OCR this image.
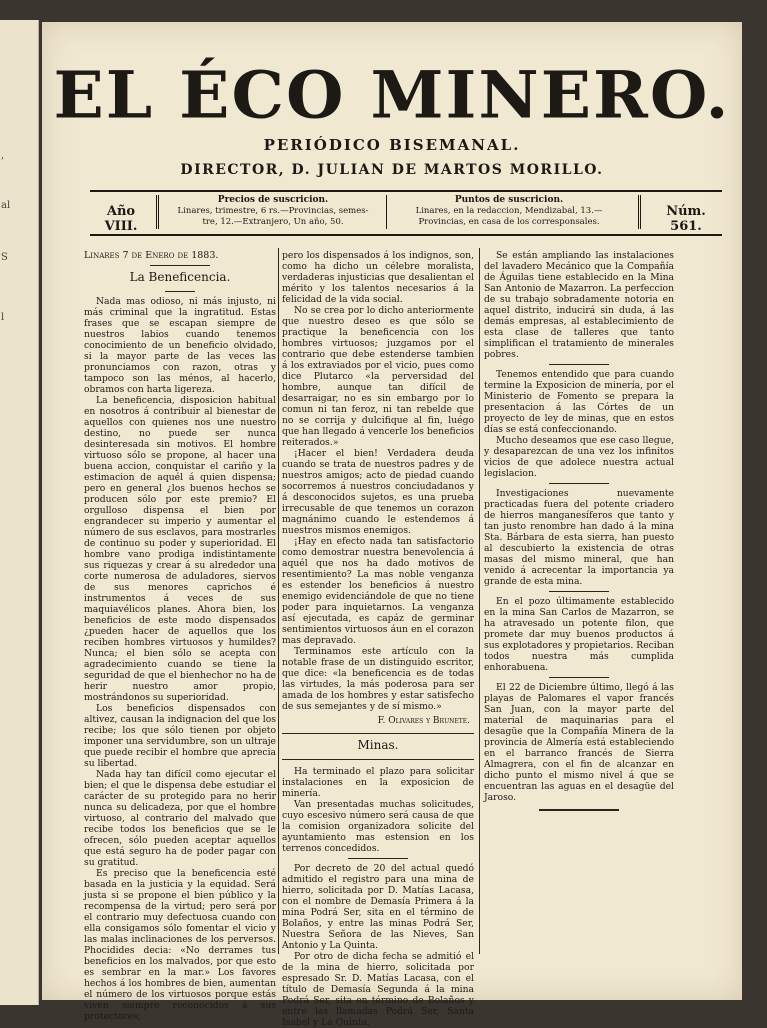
,
al
S
l
EL ÉCO MINERO.
PERIÓDICO BISEMANAL.
DIRECTOR, D. JULIAN DE MARTOS MORILLO.
Año VIII.
Precios de suscricion.
Linares, trimestre, 6 rs.—Provincias, semes-
tre, 12.—Extranjero, Un año, 50.
Puntos de suscricion.
Linares, en la redaccion, Mendizabal, 13.—
Provincias, en casa de los corresponsales.
Núm. 561.
Linares 7 de Enero de 1883.
La Beneficencia.

Nada mas odioso, ni más injusto, ni más criminal que la ingratitud. Estas frases que se escapan siempre de nuestros labios cuando tenemos conocimiento de un beneficio olvidado, si la mayor parte de las veces las pronunciamos con razon, otras y tampoco son las ménos, al hacerlo, obramos con harta ligereza.

La beneficencia, disposicion habitual en nosotros á contribuir al bienestar de aquellos con quienes nos une nuestro destino, no puede ser nunca desinteresada sin motivos. El hombre virtuoso sólo se propone, al hacer una buena accion, conquistar el cariño y la estimacion de aquél á quien dispensa; pero en general ¿los buenos hechos se producen sólo por este premio? El orgulloso dispensa el bien por engrandecer su imperio y aumentar el número de sus esclavos, para mostrarles de continuo su poder y superioridad. El hombre vano prodiga indistintamente sus riquezas y crear á su alrededor una corte numerosa de aduladores, siervos de sus menores caprichos é instrumentos á veces de sus maquiavélicos planes. Ahora bien, los beneficios de este modo dispensados ¿pueden hacer de aquellos que los reciben hombres virtuosos y humildes? Nunca; el bien sólo se acepta con agradecimiento cuando se tiene la seguridad de que el bienhechor no ha de herir nuestro amor propio, mostrándonos su superioridad.

Los beneficios dispensados con altivez, causan la indignacion del que los recibe; los que sólo tienen por objeto imponer una servidumbre, son un ultraje que puede recibir el hombre que aprecia su libertad.

Nada hay tan difícil como ejecutar el bien; el que le dispensa debe estudiar el carácter de su protegido para no herir nunca su delicadeza, por que el hombre virtuoso, al contrario del malvado que recibe todos los beneficios que se le ofrecen, sólo pueden aceptar aquellos que está seguro ha de poder pagar con su gratitud.

Es preciso que la beneficencia esté basada en la justicia y la equidad. Será justa si se propone el bien público y la recompensa de la virtud; pero será por el contrario muy defectuosa cuando con ella consigamos sólo fomentar el vicio y las malas inclinaciones de los perversos. Phocidides decia: «No derrames tus beneficios en los malvados, por que esto es sembrar en la mar.» Los favores hechos á los hombres de bien, aumentan el número de los virtuosos porque estás viven siempre reconocidos á sus protectores;

pero los dispensados á los indignos, son, como ha dicho un célebre moralista, verdaderas injusticias que desalientan el mérito y los talentos necesarios á la felicidad de la vida social.

No se crea por lo dicho anteriormente que nuestro deseo es que sólo se practique la beneficencia con los hombres virtuosos; juzgamos por el contrario que debe estenderse tambien á los extraviados por el vicio, pues como dice Plutarco «la perversidad del hombre, aunque tan difícil de desarraigar, no es sin embargo por lo comun ni tan feroz, ni tan rebelde que no se corrija y dulcifique al fin, luégo que han llegado á vencerle los beneficios reiterados.»

¡Hacer el bien! Verdadera deuda cuando se trata de nuestros padres y de nuestros amigos; acto de piedad cuando socorremos á nuestros conciudadanos y á desconocidos sujetos, es una prueba irrecusable de que tenemos un corazon magnánimo cuando le estendemos á nuestros mismos enemigos.

¡Hay en efecto nada tan satisfactorio como demostrar nuestra benevolencia á aquél que nos ha dado motivos de resentimiento? La mas noble venganza es estender los beneficios á nuestro enemigo evidenciándole de que no tiene poder para inquietarnos. La venganza así ejecutada, es capáz de germinar sentimientos virtuosos áun en el corazon mas depravado.

Terminamos este artículo con la notable frase de un distinguido escritor, que dice: «la beneficencia es de todas las virtudes, la más poderosa para ser amada de los hombres y estar satisfecho de sus semejantes y de sí mismo.»

F. Olivares y Brunete.
Minas.

Ha terminado el plazo para solicitar instalaciones en la exposicion de minería.

Van presentadas muchas solicitudes, cuyo escesivo número será causa de que la comision organizadora solicite del ayuntamiento mas estension en los terrenos concedidos.

Por decreto de 20 del actual quedó admitido el registro para una mina de hierro, solicitada por D. Matías Lacasa, con el nombre de Demasía Primera á la mina Podrá Ser, sita en el término de Bolaños, y entre las minas Podrá Ser, Nuestra Señora de las Nieves, San Antonio y La Quinta.

Por otro de dicha fecha se admitió el de la mina de hierro, solicitada por espresado Sr. D. Matías Lacasa, con el título de Demasía Segunda á la mina Podrá Ser, sita en término de Bolaños y entre las llamadas Podrá Ser, Santa Isabel y La Quinta.

Se están ampliando las instalaciones del lavadero Mecánico que la Compañía de Águilas tiene establecido en la Mina San Antonio de Mazarron. La perfeccion de su trabajo sobradamente notoria en aquel distrito, inducirá sin duda, á las demás empresas, al establecimiento de esta clase de talleres que tanto simplifican el tratamiento de minerales pobres.

Tenemos entendido que para cuando termine la Exposicion de minería, por el Ministerio de Fomento se prepara la presentacion á las Córtes de un proyecto de ley de minas, que en estos días se está confeccionando.

Mucho deseamos que ese caso llegue, y desaparezcan de una vez los infinitos vicios de que adolece nuestra actual legislacion.

Investigaciones nuevamente practicadas fuera del potente criadero de hierros manganesíferos que tanto y tan justo renombre han dado á la mina Sta. Bárbara de esta sierra, han puesto al descubierto la existencia de otras masas del mismo mineral, que han venido á acrecentar la importancia ya grande de esta mina.

En el pozo últimamente establecido en la mina San Carlos de Mazarron, se ha atravesado un potente filon, que promete dar muy buenos productos á sus explotadores y propietarios. Reciban todos nuestra más cumplida enhorabuena.

El 22 de Diciembre último, llegó á las playas de Palomares el vapor francés San Juan, con la mayor parte del material de maquinarias para el desagüe que la Compañía Minera de la provincia de Almería está estableciendo en el barranco francés de Sierra Almagrera, con el fin de alcanzar en dicho punto el mismo nivel á que se encuentran las aguas en el desagüe del Jaroso.
